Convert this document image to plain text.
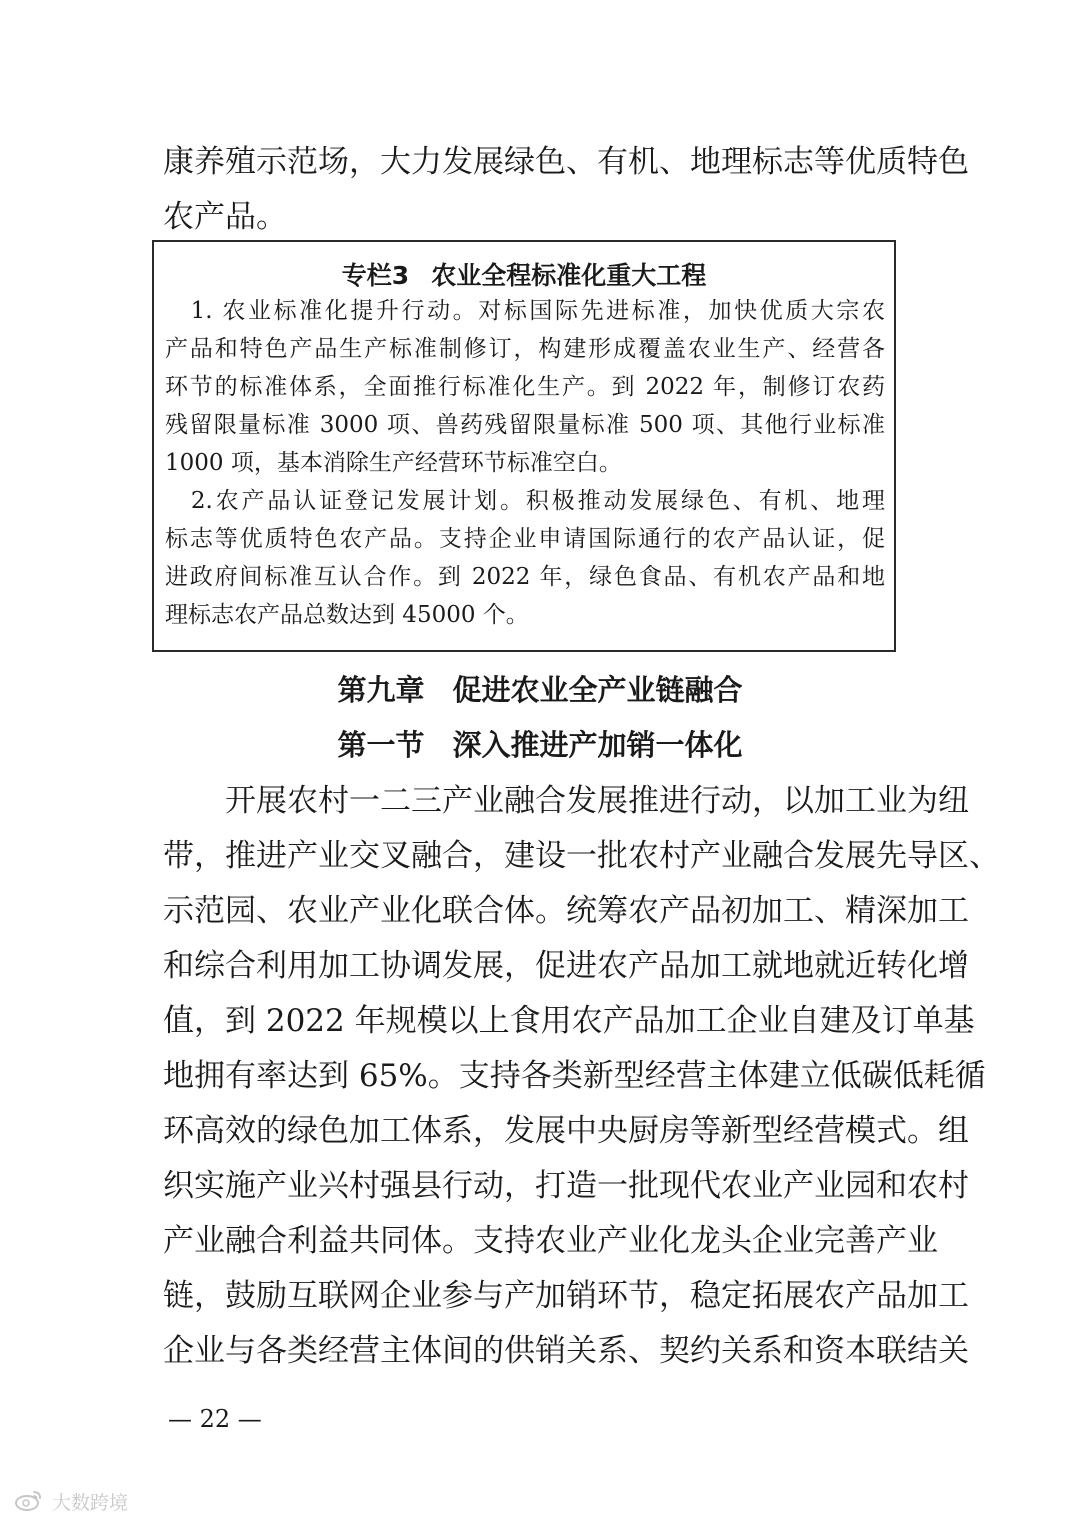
康养殖示范场，大力发展绿色、有机、地理标志等优质特色
农产品。
专栏3 农业全程标准化重大工程
　1. 农业标准化提升行动。对标国际先进标准，加快优质大宗农
产品和特色产品生产标准制修订，构建形成覆盖农业生产、经营各
环节的标准体系，全面推行标准化生产。到 2022 年，制修订农药
残留限量标准 3000 项、兽药残留限量标准 500 项、其他行业标准
1000 项，基本消除生产经营环节标准空白。
　2.农产品认证登记发展计划。积极推动发展绿色、有机、地理
标志等优质特色农产品。支持企业申请国际通行的农产品认证，促
进政府间标准互认合作。到 2022 年，绿色食品、有机农产品和地
理标志农产品总数达到 45000 个。
第九章 促进农业全产业链融合
第一节 深入推进产加销一体化
　　开展农村一二三产业融合发展推进行动，以加工业为纽
带，推进产业交叉融合，建设一批农村产业融合发展先导区、
示范园、农业产业化联合体。统筹农产品初加工、精深加工
和综合利用加工协调发展，促进农产品加工就地就近转化增
值，到 2022 年规模以上食用农产品加工企业自建及订单基
地拥有率达到 65%。支持各类新型经营主体建立低碳低耗循
环高效的绿色加工体系，发展中央厨房等新型经营模式。组
织实施产业兴村强县行动，打造一批现代农业产业园和农村
产业融合利益共同体。支持农业产业化龙头企业完善产业
链，鼓励互联网企业参与产加销环节，稳定拓展农产品加工
企业与各类经营主体间的供销关系、契约关系和资本联结关
— 22 —
大数跨境
